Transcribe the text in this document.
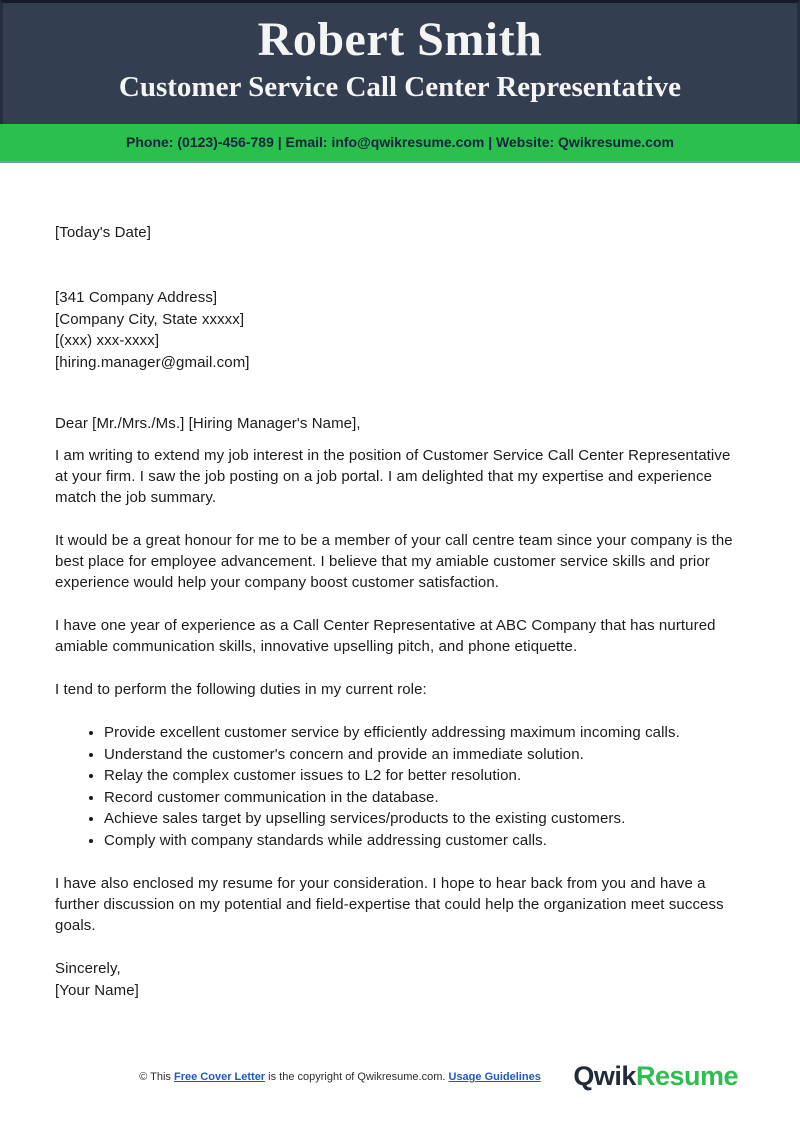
Robert Smith
Customer Service Call Center Representative
Phone: (0123)-456-789 | Email: info@qwikresume.com | Website: Qwikresume.com
[Today's Date]
[341 Company Address]
[Company City, State xxxxx]
[(xxx) xxx-xxxx]
[hiring.manager@gmail.com]
Dear [Mr./Mrs./Ms.] [Hiring Manager's Name],

I am writing to extend my job interest in the position of Customer Service Call Center Representative at your firm. I saw the job posting on a job portal. I am delighted that my expertise and experience match the job summary.

It would be a great honour for me to be a member of your call centre team since your company is the best place for employee advancement. I believe that my amiable customer service skills and prior experience would help your company boost customer satisfaction.

I have one year of experience as a Call Center Representative at ABC Company that has nurtured amiable communication skills, innovative upselling pitch, and phone etiquette.

I tend to perform the following duties in my current role:

• Provide excellent customer service by efficiently addressing maximum incoming calls.
• Understand the customer's concern and provide an immediate solution.
• Relay the complex customer issues to L2 for better resolution.
• Record customer communication in the database.
• Achieve sales target by upselling services/products to the existing customers.
• Comply with company standards while addressing customer calls.

I have also enclosed my resume for your consideration. I hope to hear back from you and have a further discussion on my potential and field-expertise that could help the organization meet success goals.

Sincerely,
[Your Name]
© This Free Cover Letter is the copyright of Qwikresume.com. Usage Guidelines	QwikResume
